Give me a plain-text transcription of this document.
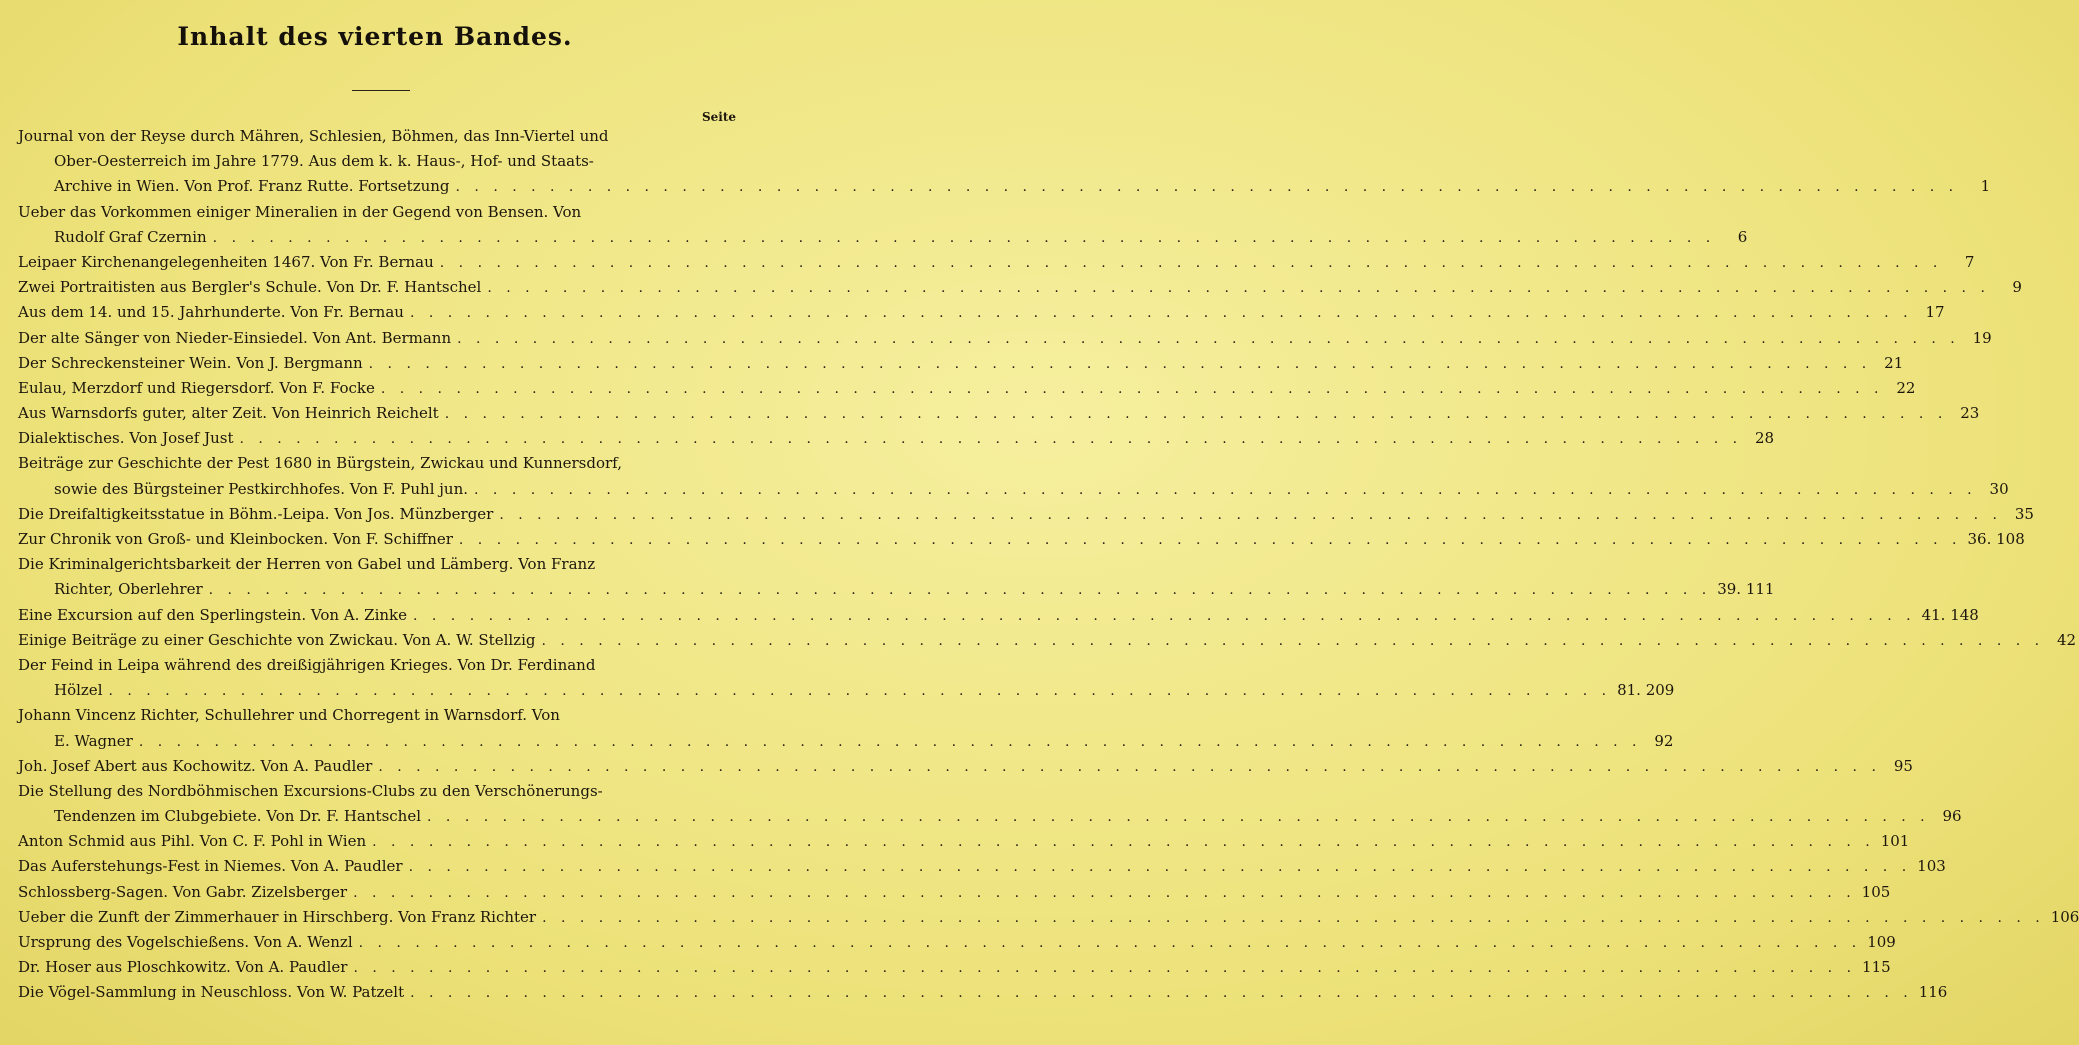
Inhalt des vierten Bandes.
Seite
Journal von der Reyse durch Mähren, Schlesien, Böhmen, das Inn-Viertel und
Ober-Oesterreich im Jahre 1779. Aus dem k. k. Haus-, Hof- und Staats-
Archive in Wien. Von Prof. Franz Rutte. Fortsetzung . . . . . . . . . . . . . . . . . . . . . . . . . . . . . . . . . . . . . . . . . . . . . . . . . . . . . . . . . . . . . . . . . . . . . . . . . . . . . . . .	1
Ueber das Vorkommen einiger Mineralien in der Gegend von Bensen. Von
Rudolf Graf Czernin . . . . . . . . . . . . . . . . . . . . . . . . . . . . . . . . . . . . . . . . . . . . . . . . . . . . . . . . . . . . . . . . . . . . . . . . . . . . . . . .	6
Leipaer Kirchenangelegenheiten 1467. Von Fr. Bernau . . . . . . . . . . . . . . . . . . . . . . . . . . . . . . . . . . . . . . . . . . . . . . . . . . . . . . . . . . . . . . . . . . . . . . . . . . . . . . . .	7
Zwei Portraitisten aus Bergler's Schule. Von Dr. F. Hantschel . . . . . . . . . . . . . . . . . . . . . . . . . . . . . . . . . . . . . . . . . . . . . . . . . . . . . . . . . . . . . . . . . . . . . . . . . . . . . . . .	9
Aus dem 14. und 15. Jahrhunderte. Von Fr. Bernau . . . . . . . . . . . . . . . . . . . . . . . . . . . . . . . . . . . . . . . . . . . . . . . . . . . . . . . . . . . . . . . . . . . . . . . . . . . . . . . . 17
Der alte Sänger von Nieder-Einsiedel. Von Ant. Bermann . . . . . . . . . . . . . . . . . . . . . . . . . . . . . . . . . . . . . . . . . . . . . . . . . . . . . . . . . . . . . . . . . . . . . . . . . . . . . . . . 19
Der Schreckensteiner Wein. Von J. Bergmann . . . . . . . . . . . . . . . . . . . . . . . . . . . . . . . . . . . . . . . . . . . . . . . . . . . . . . . . . . . . . . . . . . . . . . . . . . . . . . . . 21
Eulau, Merzdorf und Riegersdorf. Von F. Focke . . . . . . . . . . . . . . . . . . . . . . . . . . . . . . . . . . . . . . . . . . . . . . . . . . . . . . . . . . . . . . . . . . . . . . . . . . . . . . . . 22
Aus Warnsdorfs guter, alter Zeit. Von Heinrich Reichelt . . . . . . . . . . . . . . . . . . . . . . . . . . . . . . . . . . . . . . . . . . . . . . . . . . . . . . . . . . . . . . . . . . . . . . . . . . . . . . . . 23
Dialektisches. Von Josef Just . . . . . . . . . . . . . . . . . . . . . . . . . . . . . . . . . . . . . . . . . . . . . . . . . . . . . . . . . . . . . . . . . . . . . . . . . . . . . . . . 28
Beiträge zur Geschichte der Pest 1680 in Bürgstein, Zwickau und Kunnersdorf,
sowie des Bürgsteiner Pestkirchhofes. Von F. Puhl jun. . . . . . . . . . . . . . . . . . . . . . . . . . . . . . . . . . . . . . . . . . . . . . . . . . . . . . . . . . . . . . . . . . . . . . . . . . . . . . . . . 30
Die Dreifaltigkeitsstatue in Böhm.-Leipa. Von Jos. Münzberger . . . . . . . . . . . . . . . . . . . . . . . . . . . . . . . . . . . . . . . . . . . . . . . . . . . . . . . . . . . . . . . . . . . . . . . . . . . . . . . . 35
Zur Chronik von Groß- und Kleinbocken. Von F. Schiffner . . . . . . . . . . . . . . . . . . . . . . . . . . . . . . . . . . . . . . . . . . . . . . . . . . . . . . . . . . . . . . . . . . . . . . . . . . . . . . . . 36. 108
Die Kriminalgerichtsbarkeit der Herren von Gabel und Lämberg. Von Franz
Richter, Oberlehrer . . . . . . . . . . . . . . . . . . . . . . . . . . . . . . . . . . . . . . . . . . . . . . . . . . . . . . . . . . . . . . . . . . . . . . . . . . . . . . . . 39. 111
Eine Excursion auf den Sperlingstein. Von A. Zinke . . . . . . . . . . . . . . . . . . . . . . . . . . . . . . . . . . . . . . . . . . . . . . . . . . . . . . . . . . . . . . . . . . . . . . . . . . . . . . . . 41. 148
Einige Beiträge zu einer Geschichte von Zwickau. Von A. W. Stellzig . . . . . . . . . . . . . . . . . . . . . . . . . . . . . . . . . . . . . . . . . . . . . . . . . . . . . . . . . . . . . . . . . . . . . . . . . . . . . . . . 42
Der Feind in Leipa während des dreißigjährigen Krieges. Von Dr. Ferdinand
Hölzel . . . . . . . . . . . . . . . . . . . . . . . . . . . . . . . . . . . . . . . . . . . . . . . . . . . . . . . . . . . . . . . . . . . . . . . . . . . . . . . . 81. 209
Johann Vincenz Richter, Schullehrer und Chorregent in Warnsdorf. Von
E. Wagner . . . . . . . . . . . . . . . . . . . . . . . . . . . . . . . . . . . . . . . . . . . . . . . . . . . . . . . . . . . . . . . . . . . . . . . . . . . . . . . . 92
Joh. Josef Abert aus Kochowitz. Von A. Paudler . . . . . . . . . . . . . . . . . . . . . . . . . . . . . . . . . . . . . . . . . . . . . . . . . . . . . . . . . . . . . . . . . . . . . . . . . . . . . . . . 95
Die Stellung des Nordböhmischen Excursions-Clubs zu den Verschönerungs-
Tendenzen im Clubgebiete. Von Dr. F. Hantschel . . . . . . . . . . . . . . . . . . . . . . . . . . . . . . . . . . . . . . . . . . . . . . . . . . . . . . . . . . . . . . . . . . . . . . . . . . . . . . . . 96
Anton Schmid aus Pihl. Von C. F. Pohl in Wien . . . . . . . . . . . . . . . . . . . . . . . . . . . . . . . . . . . . . . . . . . . . . . . . . . . . . . . . . . . . . . . . . . . . . . . . . . . . . . . . 101
Das Auferstehungs-Fest in Niemes. Von A. Paudler . . . . . . . . . . . . . . . . . . . . . . . . . . . . . . . . . . . . . . . . . . . . . . . . . . . . . . . . . . . . . . . . . . . . . . . . . . . . . . . . 103
Schlossberg-Sagen. Von Gabr. Zizelsberger . . . . . . . . . . . . . . . . . . . . . . . . . . . . . . . . . . . . . . . . . . . . . . . . . . . . . . . . . . . . . . . . . . . . . . . . . . . . . . . . 105
Ueber die Zunft der Zimmerhauer in Hirschberg. Von Franz Richter . . . . . . . . . . . . . . . . . . . . . . . . . . . . . . . . . . . . . . . . . . . . . . . . . . . . . . . . . . . . . . . . . . . . . . . . . . . . . . . . 106
Ursprung des Vogelschießens. Von A. Wenzl . . . . . . . . . . . . . . . . . . . . . . . . . . . . . . . . . . . . . . . . . . . . . . . . . . . . . . . . . . . . . . . . . . . . . . . . . . . . . . . . 109
Dr. Hoser aus Ploschkowitz. Von A. Paudler . . . . . . . . . . . . . . . . . . . . . . . . . . . . . . . . . . . . . . . . . . . . . . . . . . . . . . . . . . . . . . . . . . . . . . . . . . . . . . . . 115
Die Vögel-Sammlung in Neuschloss. Von W. Patzelt . . . . . . . . . . . . . . . . . . . . . . . . . . . . . . . . . . . . . . . . . . . . . . . . . . . . . . . . . . . . . . . . . . . . . . . . . . . . . . . . 116
